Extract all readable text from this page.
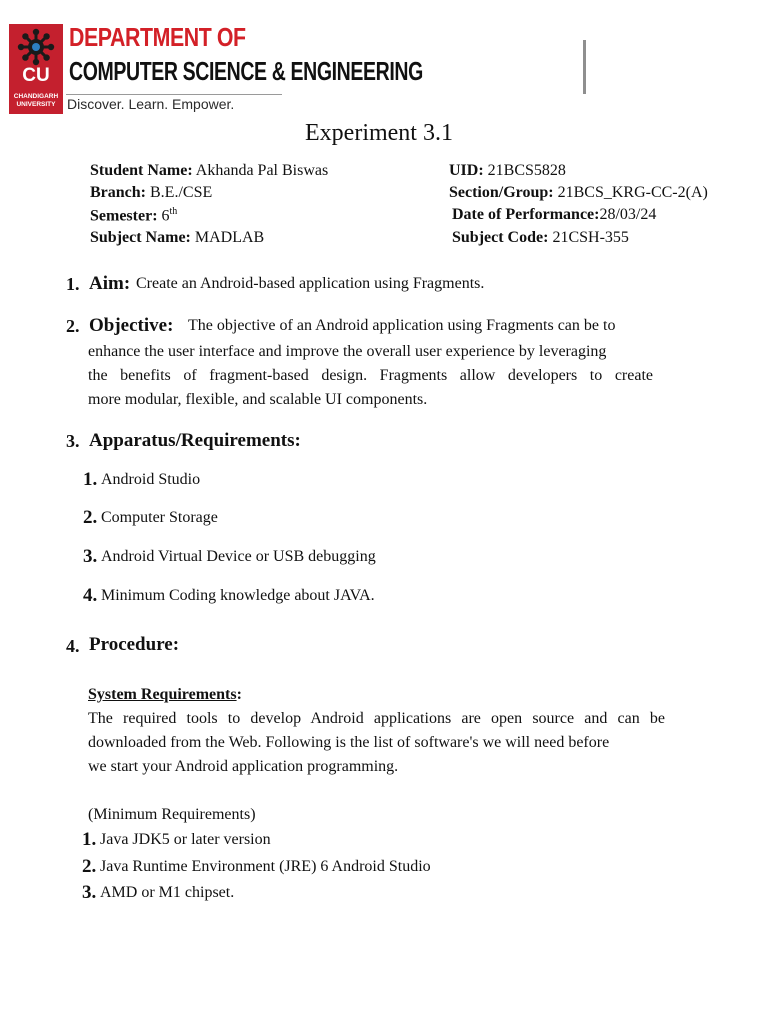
CU
CHANDIGARH
UNIVERSITY
DEPARTMENT OF
COMPUTER SCIENCE & ENGINEERING
Discover. Learn. Empower.
Experiment 3.1
Student Name: Akhanda Pal Biswas	UID: 21BCS5828
Branch: B.E./CSE	Section/Group: 21BCS_KRG-CC-2(A)
Semester: 6th	Date of Performance:28/03/24
Subject Name: MADLAB	Subject Code: 21CSH-355
1. Aim: Create an Android-based application using Fragments.
2. Objective: The objective of an Android application using Fragments can be to
enhance the user interface and improve the overall user experience by leveraging
the benefits of fragment-based design. Fragments allow developers to create
more modular, flexible, and scalable UI components.
3. Apparatus/Requirements:
1. Android Studio
2. Computer Storage
3. Android Virtual Device or USB debugging
4. Minimum Coding knowledge about JAVA.
4. Procedure:
System Requirements:
The required tools to develop Android applications are open source and can be
downloaded from the Web. Following is the list of software's we will need before
we start your Android application programming.
(Minimum Requirements)
1. Java JDK5 or later version
2. Java Runtime Environment (JRE) 6 Android Studio
3. AMD or M1 chipset.
